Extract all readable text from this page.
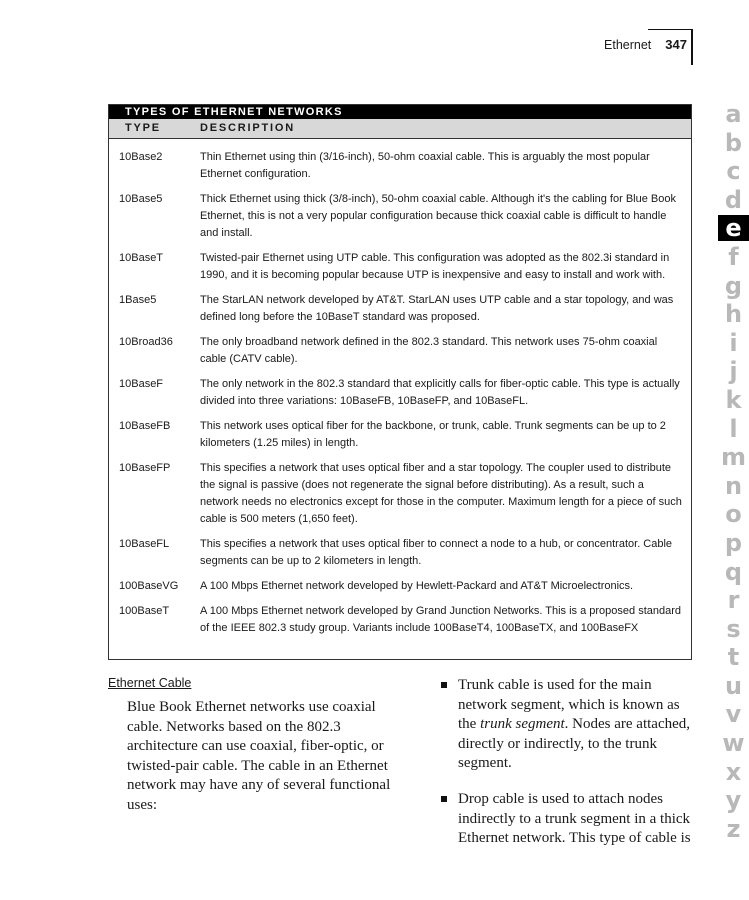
Ethernet 347
TYPES OF ETHERNET NETWORKS
TYPE	DESCRIPTION
10Base2	Thin Ethernet using thin (3/16-inch), 50-ohm coaxial cable. This is arguably the most popular Ethernet configuration.
10Base5	Thick Ethernet using thick (3/8-inch), 50-ohm coaxial cable. Although it's the cabling for Blue Book Ethernet, this is not a very popular configuration because thick coaxial cable is difficult to handle and install.
10BaseT	Twisted-pair Ethernet using UTP cable. This configuration was adopted as the 802.3i standard in 1990, and it is becoming popular because UTP is inexpensive and easy to install and work with.
1Base5	The StarLAN network developed by AT&T. StarLAN uses UTP cable and a star topology, and was defined long before the 10BaseT standard was proposed.
10Broad36	The only broadband network defined in the 802.3 standard. This network uses 75-ohm coaxial cable (CATV cable).
10BaseF	The only network in the 802.3 standard that explicitly calls for fiber-optic cable. This type is actually divided into three variations: 10BaseFB, 10BaseFP, and 10BaseFL.
10BaseFB	This network uses optical fiber for the backbone, or trunk, cable. Trunk segments can be up to 2 kilometers (1.25 miles) in length.
10BaseFP	This specifies a network that uses optical fiber and a star topology. The coupler used to distribute the signal is passive (does not regenerate the signal before distributing). As a result, such a network needs no electronics except for those in the computer. Maximum length for a piece of such cable is 500 meters (1,650 feet).
10BaseFL	This specifies a network that uses optical fiber to connect a node to a hub, or concentrator. Cable segments can be up to 2 kilometers in length.
100BaseVG	A 100 Mbps Ethernet network developed by Hewlett-Packard and AT&T Microelectronics.
100BaseT	A 100 Mbps Ethernet network developed by Grand Junction Networks. This is a proposed standard of the IEEE 802.3 study group. Variants include 100BaseT4, 100BaseTX, and 100BaseFX
Ethernet Cable
Blue Book Ethernet networks use coaxial cable. Networks based on the 802.3 architecture can use coaxial, fiber-optic, or twisted-pair cable. The cable in an Ethernet network may have any of several functional uses:
Trunk cable is used for the main network segment, which is known as the trunk segment. Nodes are attached, directly or indirectly, to the trunk segment.
Drop cable is used to attach nodes indirectly to a trunk segment in a thick Ethernet network. This type of cable is
a
b
c
d
e
f
g
h
i
j
k
l
m
n
o
p
q
r
s
t
u
v
w
x
y
z
